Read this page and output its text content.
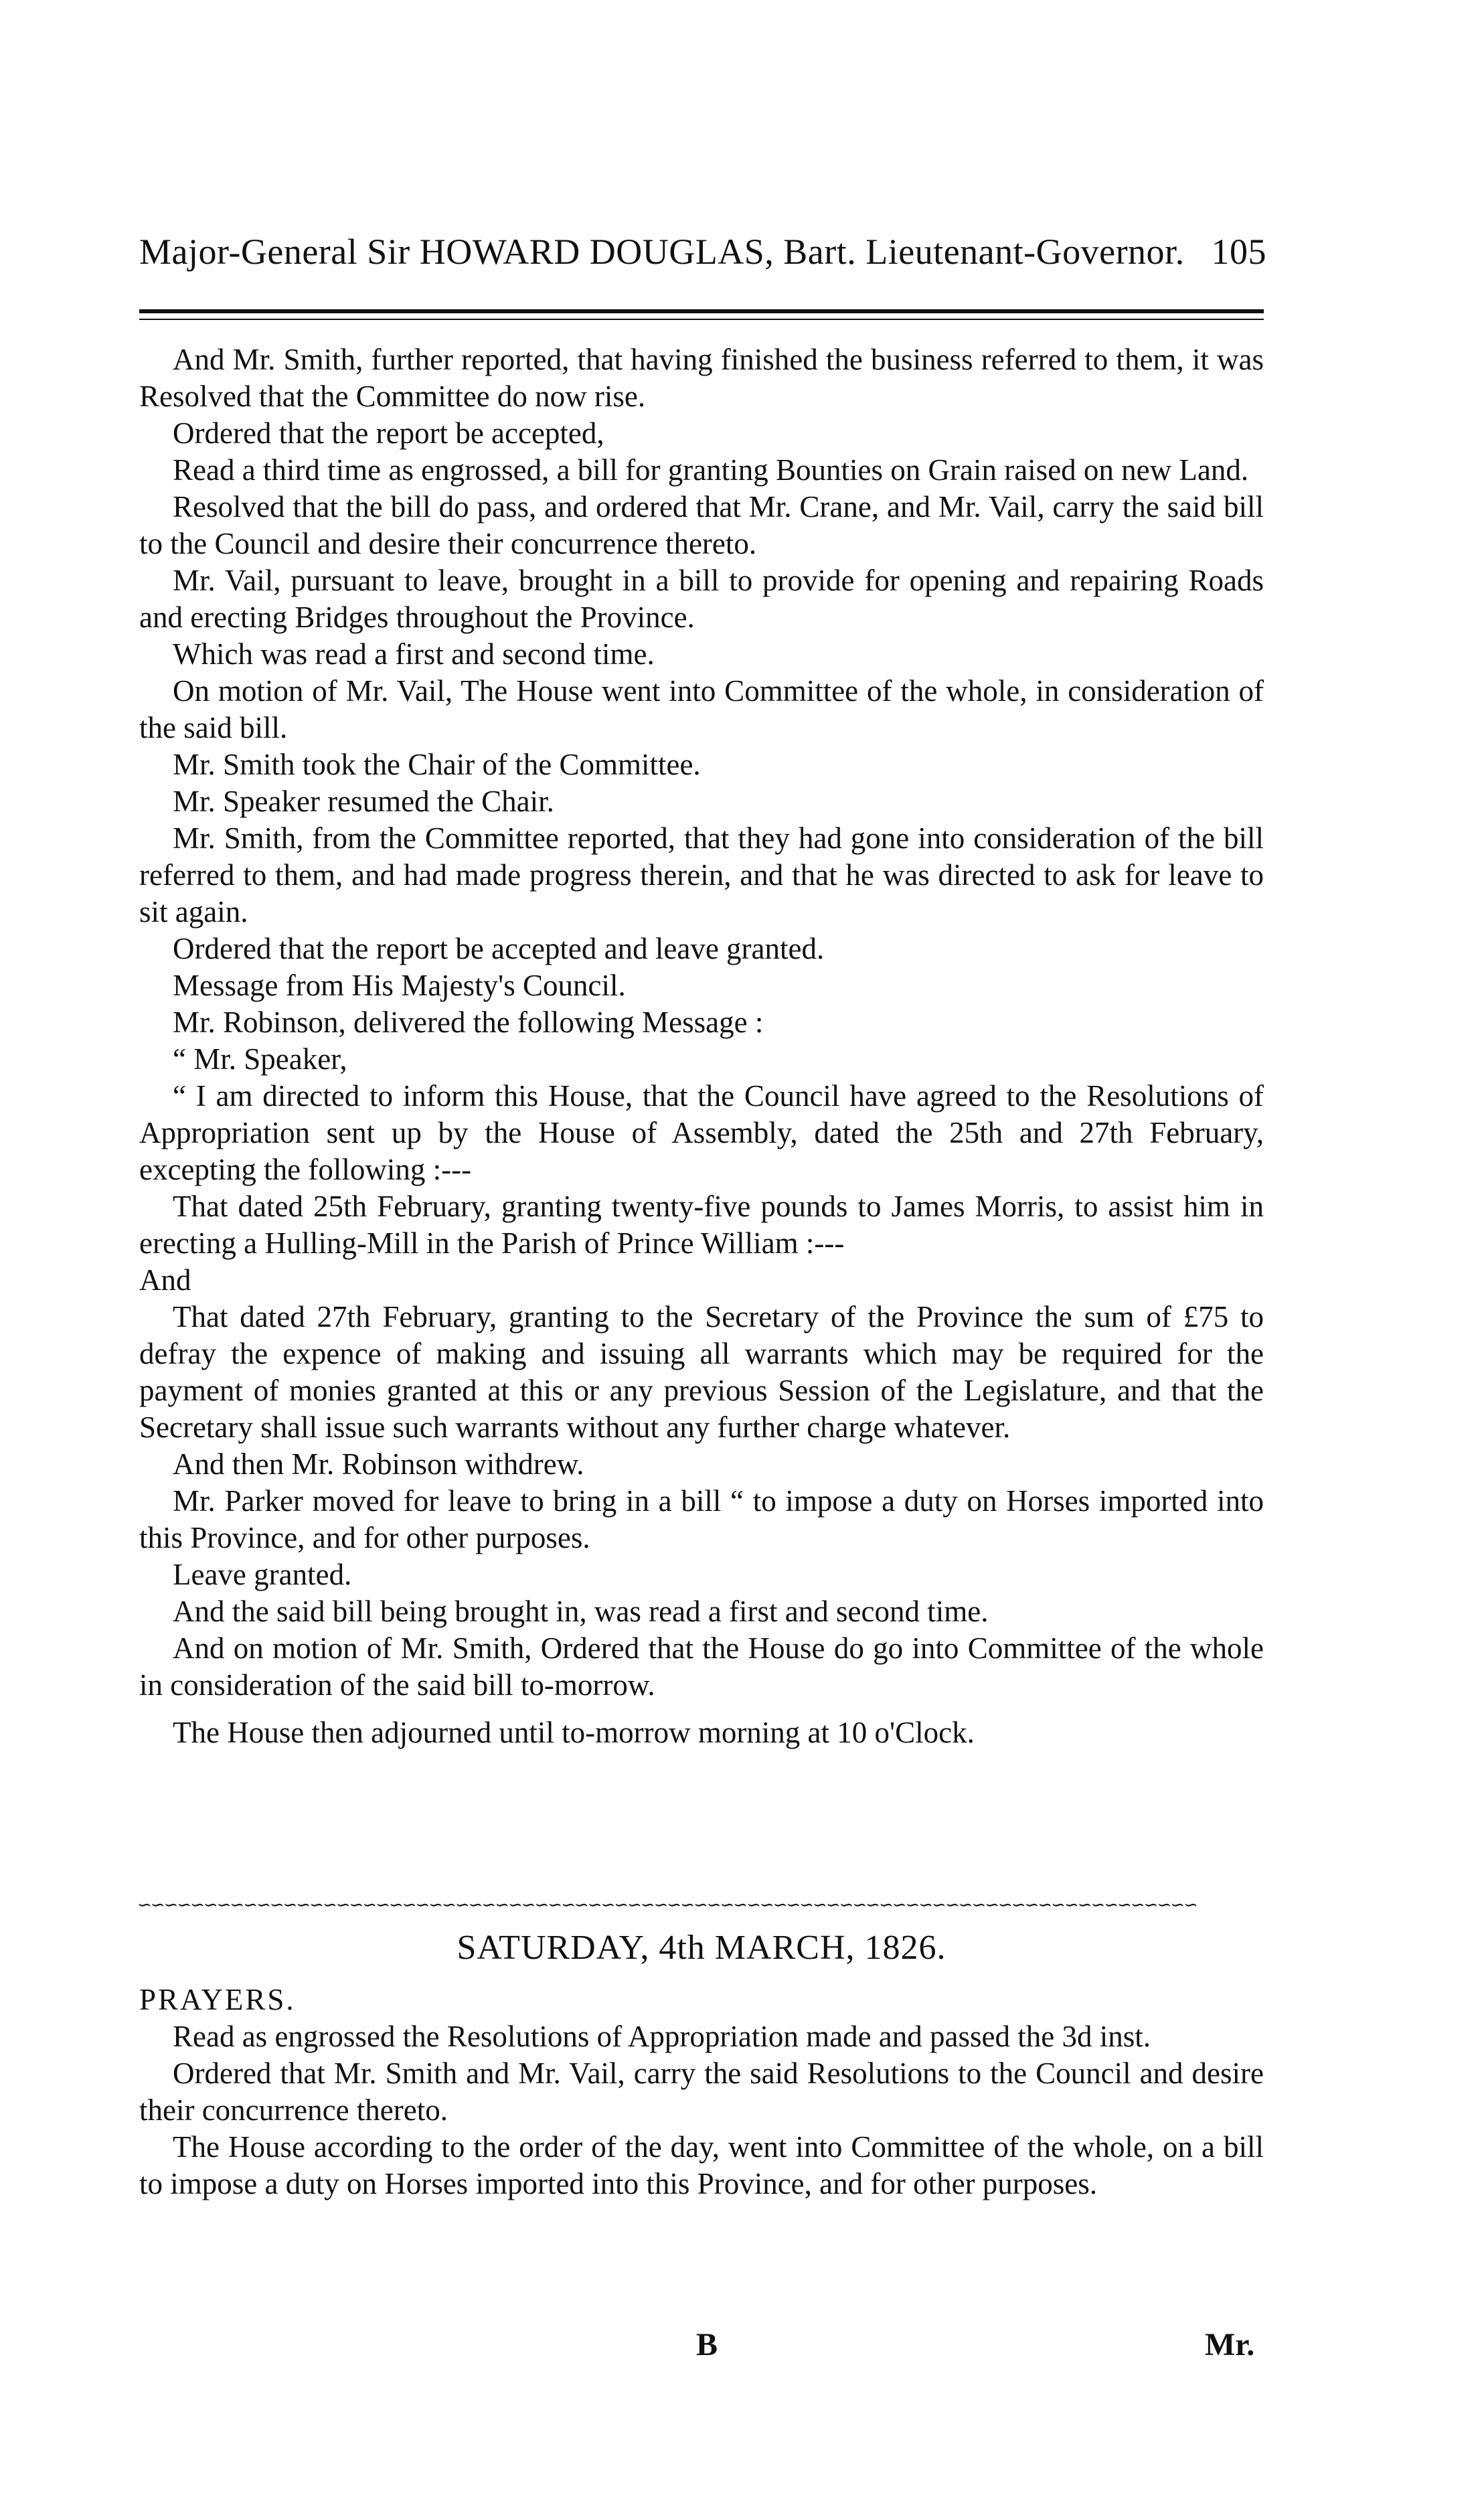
Major-General Sir HOWARD DOUGLAS, Bart. Lieutenant-Governor. 105

And Mr. Smith, further reported, that having finished the business referred to them, it was Resolved that the Committee do now rise.

Ordered that the report be accepted,

Read a third time as engrossed, a bill for granting Bounties on Grain raised on new Land.

Resolved that the bill do pass, and ordered that Mr. Crane, and Mr. Vail, carry the said bill to the Council and desire their concurrence thereto.

Mr. Vail, pursuant to leave, brought in a bill to provide for opening and repairing Roads and erecting Bridges throughout the Province.

Which was read a first and second time.

On motion of Mr. Vail, The House went into Committee of the whole, in consideration of the said bill.

Mr. Smith took the Chair of the Committee.

Mr. Speaker resumed the Chair.

Mr. Smith, from the Committee reported, that they had gone into consideration of the bill referred to them, and had made progress therein, and that he was directed to ask for leave to sit again.

Ordered that the report be accepted and leave granted.

Message from His Majesty's Council.

Mr. Robinson, delivered the following Message :

“ Mr. Speaker,

“ I am directed to inform this House, that the Council have agreed to the Resolutions of Appropriation sent up by the House of Assembly, dated the 25th and 27th February, excepting the following :---

That dated 25th February, granting twenty-five pounds to James Morris, to assist him in erecting a Hulling-Mill in the Parish of Prince William :---

And

That dated 27th February, granting to the Secretary of the Province the sum of £75 to defray the expence of making and issuing all warrants which may be required for the payment of monies granted at this or any previous Session of the Legislature, and that the Secretary shall issue such warrants without any further charge whatever.

And then Mr. Robinson withdrew.

Mr. Parker moved for leave to bring in a bill “ to impose a duty on Horses imported into this Province, and for other purposes.

Leave granted.

And the said bill being brought in, was read a first and second time.

And on motion of Mr. Smith, Ordered that the House do go into Committee of the whole in consideration of the said bill to-morrow.

The House then adjourned until to-morrow morning at 10 o'Clock.

∽∽∽∽∽∽∽∽∽∽∽∽∽∽∽∽∽∽∽∽∽∽∽∽∽∽∽∽∽∽∽∽∽∽∽∽∽∽∽∽∽∽∽∽∽∽∽∽∽∽∽∽∽∽∽∽∽∽∽∽∽∽∽∽∽∽∽∽∽∽∽∽∽∽∽∽∽∽∽∽
SATURDAY, 4th MARCH, 1826.

PRAYERS.

Read as engrossed the Resolutions of Appropriation made and passed the 3d inst.

Ordered that Mr. Smith and Mr. Vail, carry the said Resolutions to the Council and desire their concurrence thereto.

The House according to the order of the day, went into Committee of the whole, on a bill to impose a duty on Horses imported into this Province, and for other purposes.

B	Mr.
